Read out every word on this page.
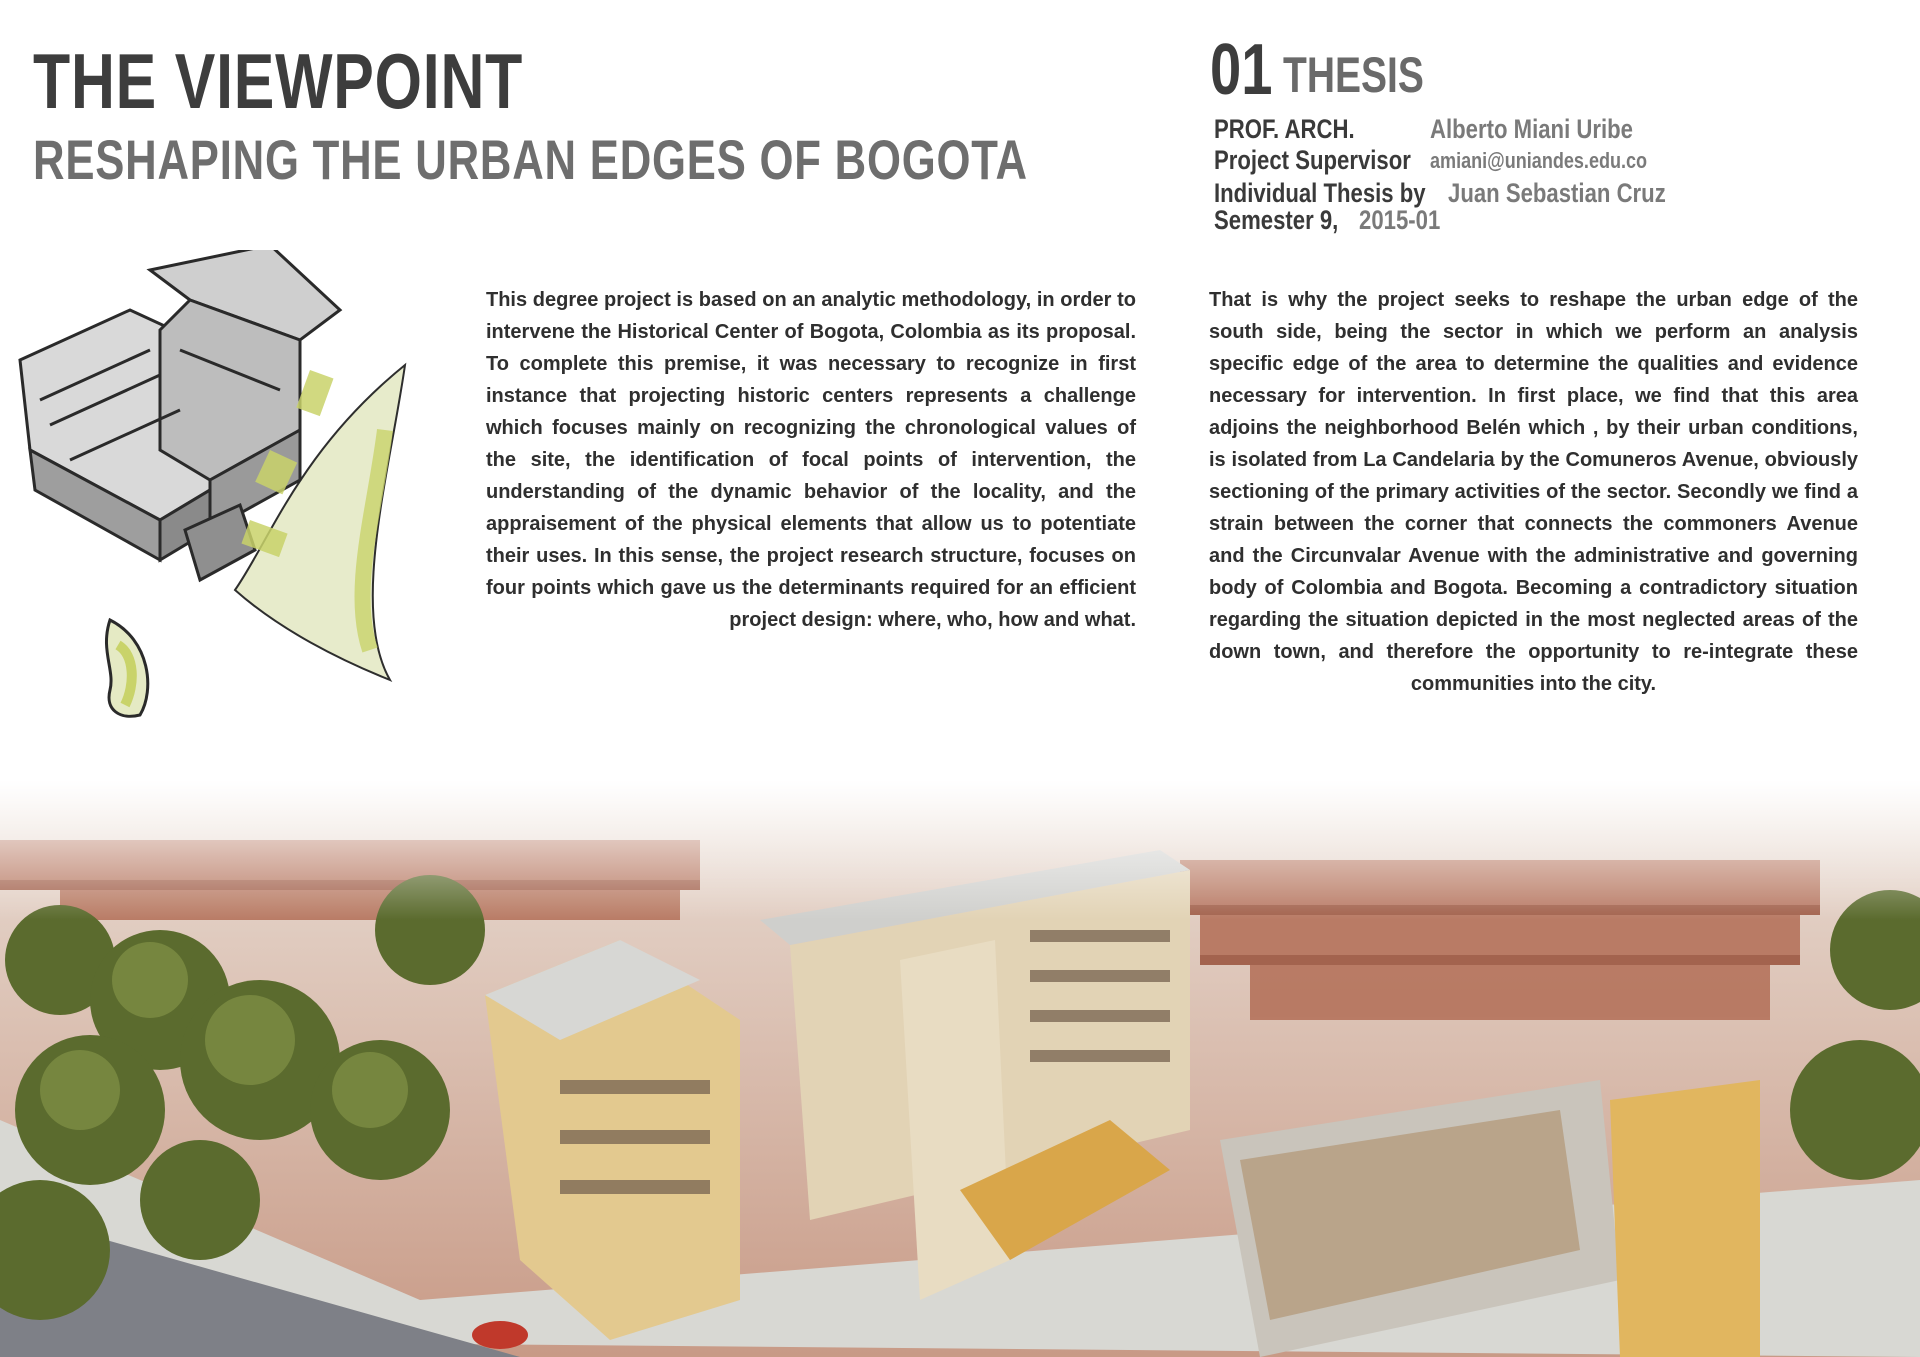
THE VIEWPOINT
RESHAPING THE URBAN EDGES OF BOGOTA
01 THESIS
PROF. ARCH.	Alberto Miani Uribe
Project Supervisor amiani@uniandes.edu.co
Individual Thesis by Juan Sebastian Cruz
Semester 9, 2015-01
This degree project is based on an analytic methodology, in order to intervene the Historical Center of Bogota, Colombia as its proposal. To complete this premise, it was necessary to recognize in first instance that projecting historic centers represents a challenge which focuses mainly on recognizing the chronological values of the site, the identification of focal points of intervention, the understanding of the dynamic behavior of the locality, and the appraisement of the physical elements that allow us to potentiate their uses. In this sense, the project research structure, focuses on four points which gave us the determinants required for an efficient project design: where, who, how and what.
That is why the project seeks to reshape the urban edge of the south side, being the sector in which we perform an analysis specific edge of the area to determine the qualities and evidence necessary for intervention. In first place, we find that this area adjoins the neighborhood Belén which , by their urban conditions, is isolated from La Candelaria by the Comuneros Avenue, obviously sectioning of the primary activities of the sector. Secondly we find a strain between the corner that connects the commoners Avenue and the Circunvalar Avenue with the administrative and governing body of Colombia and Bogota. Becoming a contradictory situation regarding the situation depicted in the most neglected areas of the down town, and therefore the opportunity to re-integrate these communities into the city.
